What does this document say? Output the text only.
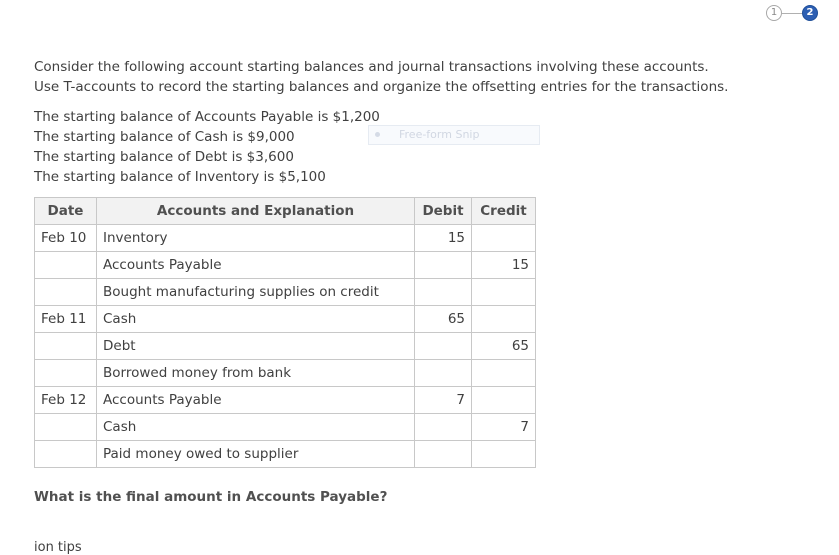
1	2
Consider the following account starting balances and journal transactions involving these accounts.
Use T-accounts to record the starting balances and organize the offsetting entries for the transactions.
The starting balance of Accounts Payable is $1,200
The starting balance of Cash is $9,000
The starting balance of Debt is $3,600
The starting balance of Inventory is $5,100
Free-form Snip
Date	Accounts and Explanation	Debit	Credit
Feb 10	Inventory	15	
	Accounts Payable		15
	Bought manufacturing supplies on credit		
Feb 11	Cash	65	
	Debt		65
	Borrowed money from bank		
Feb 12	Accounts Payable	7	
	Cash		7
	Paid money owed to supplier		

What is the final amount in Accounts Payable?

ion tips
